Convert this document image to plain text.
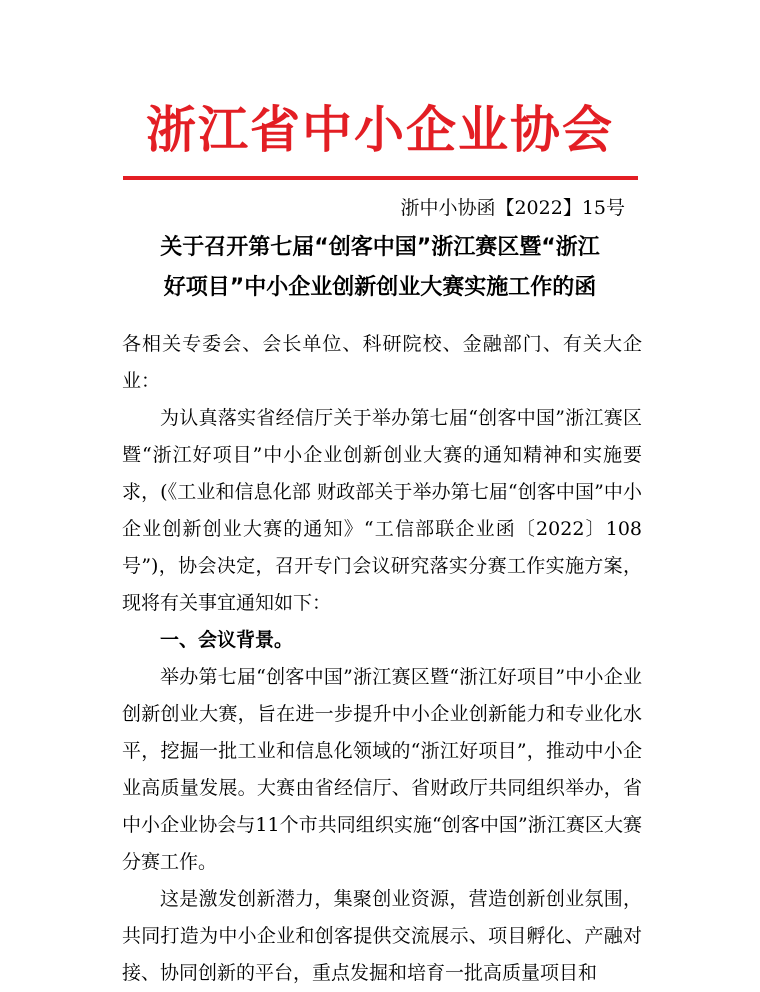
浙江省中小企业协会
浙中小协函【2022】15号
关于召开第七届“创客中国”浙江赛区暨“浙江
好项目”中小企业创新创业大赛实施工作的函

各相关专委会、会长单位、科研院校、金融部门、有关大企业：

为认真落实省经信厅关于举办第七届“创客中国”浙江赛区暨“浙江好项目”中小企业创新创业大赛的通知精神和实施要求，(《工业和信息化部 财政部关于举办第七届“创客中国”中小企业创新创业大赛的通知》“工信部联企业函〔2022〕108号”)，协会决定，召开专门会议研究落实分赛工作实施方案，现将有关事宜通知如下：

一、会议背景。

举办第七届“创客中国”浙江赛区暨“浙江好项目”中小企业创新创业大赛，旨在进一步提升中小企业创新能力和专业化水平，挖掘一批工业和信息化领域的“浙江好项目”，推动中小企业高质量发展。大赛由省经信厅、省财政厅共同组织举办，省中小企业协会与11个市共同组织实施“创客中国”浙江赛区大赛分赛工作。

这是激发创新潜力，集聚创业资源，营造创新创业氛围，共同打造为中小企业和创客提供交流展示、项目孵化、产融对接、协同创新的平台，重点发掘和培育一批高质量项目和
